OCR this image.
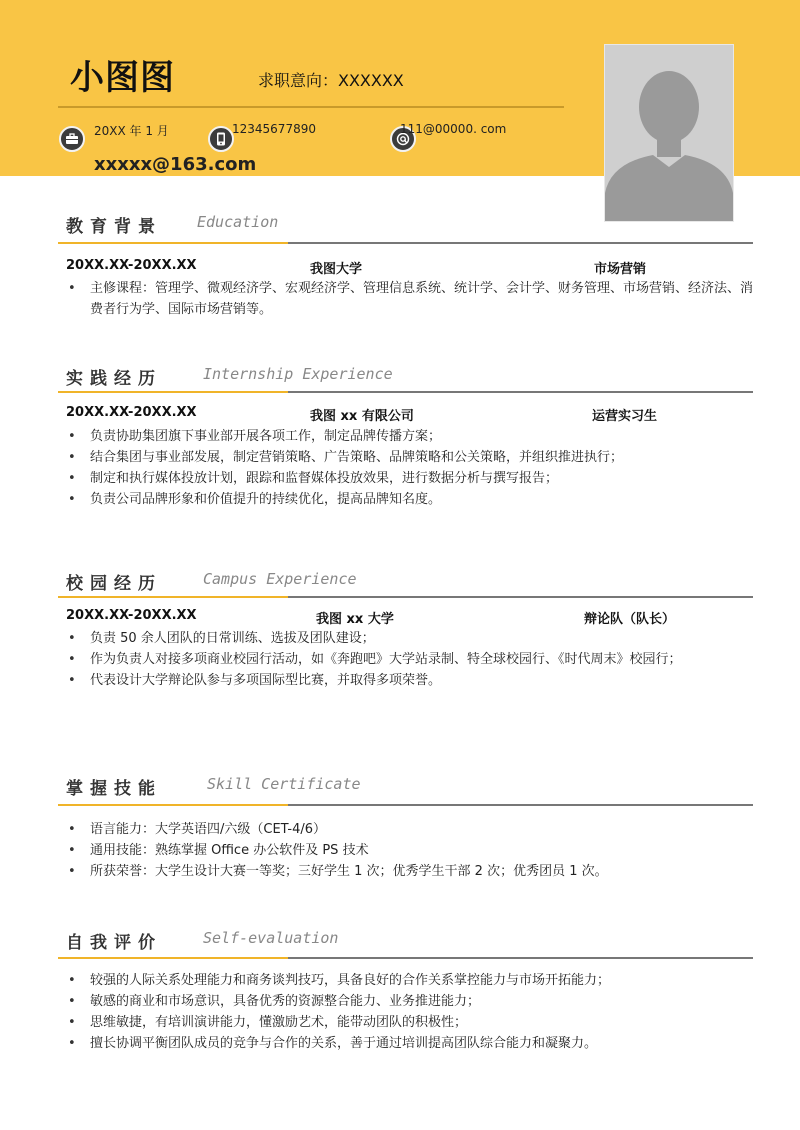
小图图	求职意向：XXXXXX
20XX 年 1 月	12345677890	111@00000. com
xxxxx@163.com
教育背景 Education
20XX.XX-20XX.XX	我图大学	市场营销
• 主修课程：管理学、微观经济学、宏观经济学、管理信息系统、统计学、会计学、财务管理、市场营销、经济法、消费者行为学、国际市场营销等。
实践经历	Internship Experience
20XX.XX-20XX.XX	我图 xx 有限公司	运营实习生
• 负责协助集团旗下事业部开展各项工作，制定品牌传播方案；
• 结合集团与事业部发展，制定营销策略、广告策略、品牌策略和公关策略，并组织推进执行；
• 制定和执行媒体投放计划，跟踪和监督媒体投放效果，进行数据分析与撰写报告；
• 负责公司品牌形象和价值提升的持续优化，提高品牌知名度。
校园经历	Campus Experience
20XX.XX-20XX.XX	我图 xx 大学	辩论队（队长）
• 负责 50 余人团队的日常训练、选拔及团队建设；
• 作为负责人对接多项商业校园行活动，如《奔跑吧》大学站录制、特全球校园行、《时代周末》校园行；
• 代表设计大学辩论队参与多项国际型比赛，并取得多项荣誉。
掌握技能	Skill Certificate
• 语言能力：大学英语四/六级（CET-4/6）
• 通用技能：熟练掌握 Office 办公软件及 PS 技术
• 所获荣誉：大学生设计大赛一等奖；三好学生 1 次；优秀学生干部 2 次；优秀团员 1 次。
自我评价	Self-evaluation
• 较强的人际关系处理能力和商务谈判技巧，具备良好的合作关系掌控能力与市场开拓能力；
• 敏感的商业和市场意识，具备优秀的资源整合能力、业务推进能力；
• 思维敏捷，有培训演讲能力，懂激励艺术，能带动团队的积极性；
• 擅长协调平衡团队成员的竞争与合作的关系，善于通过培训提高团队综合能力和凝聚力。
